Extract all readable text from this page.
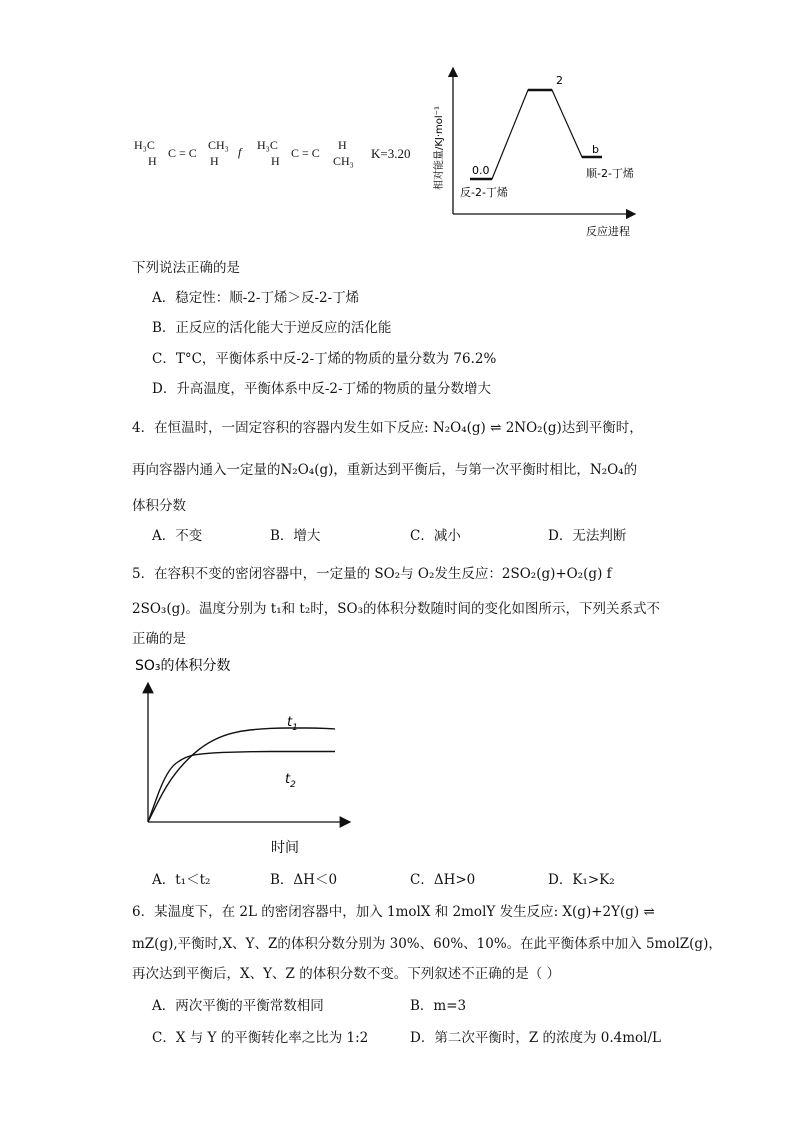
H₃C	CH₃
H
C = C
H
f H₃C	H
H
C = C
CH₃ K=3.20 相对能量/KJ·mol⁻¹ 0.0
反-2-丁烯
2
b
顺-2-丁烯
反应进程
下列说法正确的是
A．稳定性：顺-2-丁烯＞反-2-丁烯
B．正反应的活化能大于逆反应的活化能
C．T°C，平衡体系中反-2-丁烯的物质的量分数为 76.2%
D．升高温度，平衡体系中反-2-丁烯的物质的量分数增大
4．在恒温时，一固定容积的容器内发生如下反应: N₂O₄(g) ⇌ 2NO₂(g)达到平衡时，
再向容器内通入一定量的N₂O₄(g)，重新达到平衡后，与第一次平衡时相比，N₂O₄的
体积分数
A．不变	B．增大	C．减小	D．无法判断
5．在容积不变的密闭容器中，一定量的 SO₂与 O₂发生反应：2SO₂(g)+O₂(g) f
2SO₃(g)。温度分别为 t₁和 t₂时，SO₃的体积分数随时间的变化如图所示，下列关系式不
正确的是
SO₃的体积分数
$t_1$
$t_2$
时间
A．t₁＜t₂	B．ΔH＜0	C．ΔH>0	D．K₁>K₂
6．某温度下，在 2L 的密闭容器中，加入 1molX 和 2molY 发生反应: X(g)+2Y(g) ⇌
mZ(g),平衡时,X、Y、Z的体积分数分别为 30%、60%、10%。在此平衡体系中加入 5molZ(g)，
再次达到平衡后，X、Y、Z 的体积分数不变。下列叙述不正确的是（ ）
A．两次平衡的平衡常数相同	B．m=3
C．X 与 Y 的平衡转化率之比为 1:2	D．第二次平衡时，Z 的浓度为 0.4mol/L
